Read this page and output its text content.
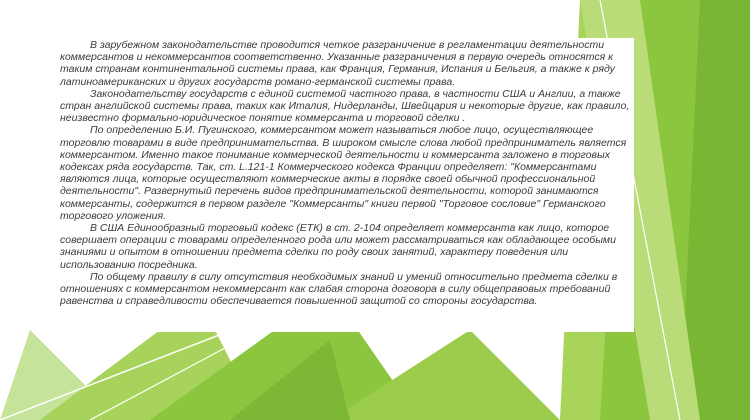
В зарубежном законодательстве проводится четкое разграничение в регламентации деятельности коммерсантов и некоммерсантов соответственно. Указанные разграничения в первую очередь относятся к таким странам континентальной системы права, как Франция, Германия, Испания и Бельгия, а также к ряду латиноамериканских и других государств романо-германской системы права.

Законодательству государств с единой системой частного права, в частности США и Англии, а также стран английской системы права, таких как Италия, Нидерланды, Швейцария и некоторые другие, как правило, неизвестно формально-юридическое понятие коммерсанта и торговой сделки .

По определению Б.И. Пугинского, коммерсантом может называться любое лицо, осуществляющее торговлю товарами в виде предпринимательства. В широком смысле слова любой предприниматель является коммерсантом. Именно такое понимание коммерческой деятельности и коммерсанта заложено в торговых кодексах ряда государств. Так, ст. L.121-1 Коммерческого кодекса Франции определяет: "Коммерсантами являются лица, которые осуществляют коммерческие акты в порядке своей обычной профессиональной деятельности". Развернутый перечень видов предпринимательской деятельности, которой занимаются коммерсанты, содержится в первом разделе "Коммерсанты" книги первой "Торговое сословие" Германского торгового уложения.

В США Единообразный торговый кодекс (ЕТК) в ст. 2-104 определяет коммерсанта как лицо, которое совершает операции с товарами определенного рода или может рассматриваться как обладающее особыми знаниями и опытом в отношении предмета сделки по роду своих занятий, характеру поведения или использованию посредника.

По общему правилу в силу отсутствия необходимых знаний и умений относительно предмета сделки в отношениях с коммерсантом некоммерсант как слабая сторона договора в силу общеправовых требований равенства и справедливости обеспечивается повышенной защитой со стороны государства.
